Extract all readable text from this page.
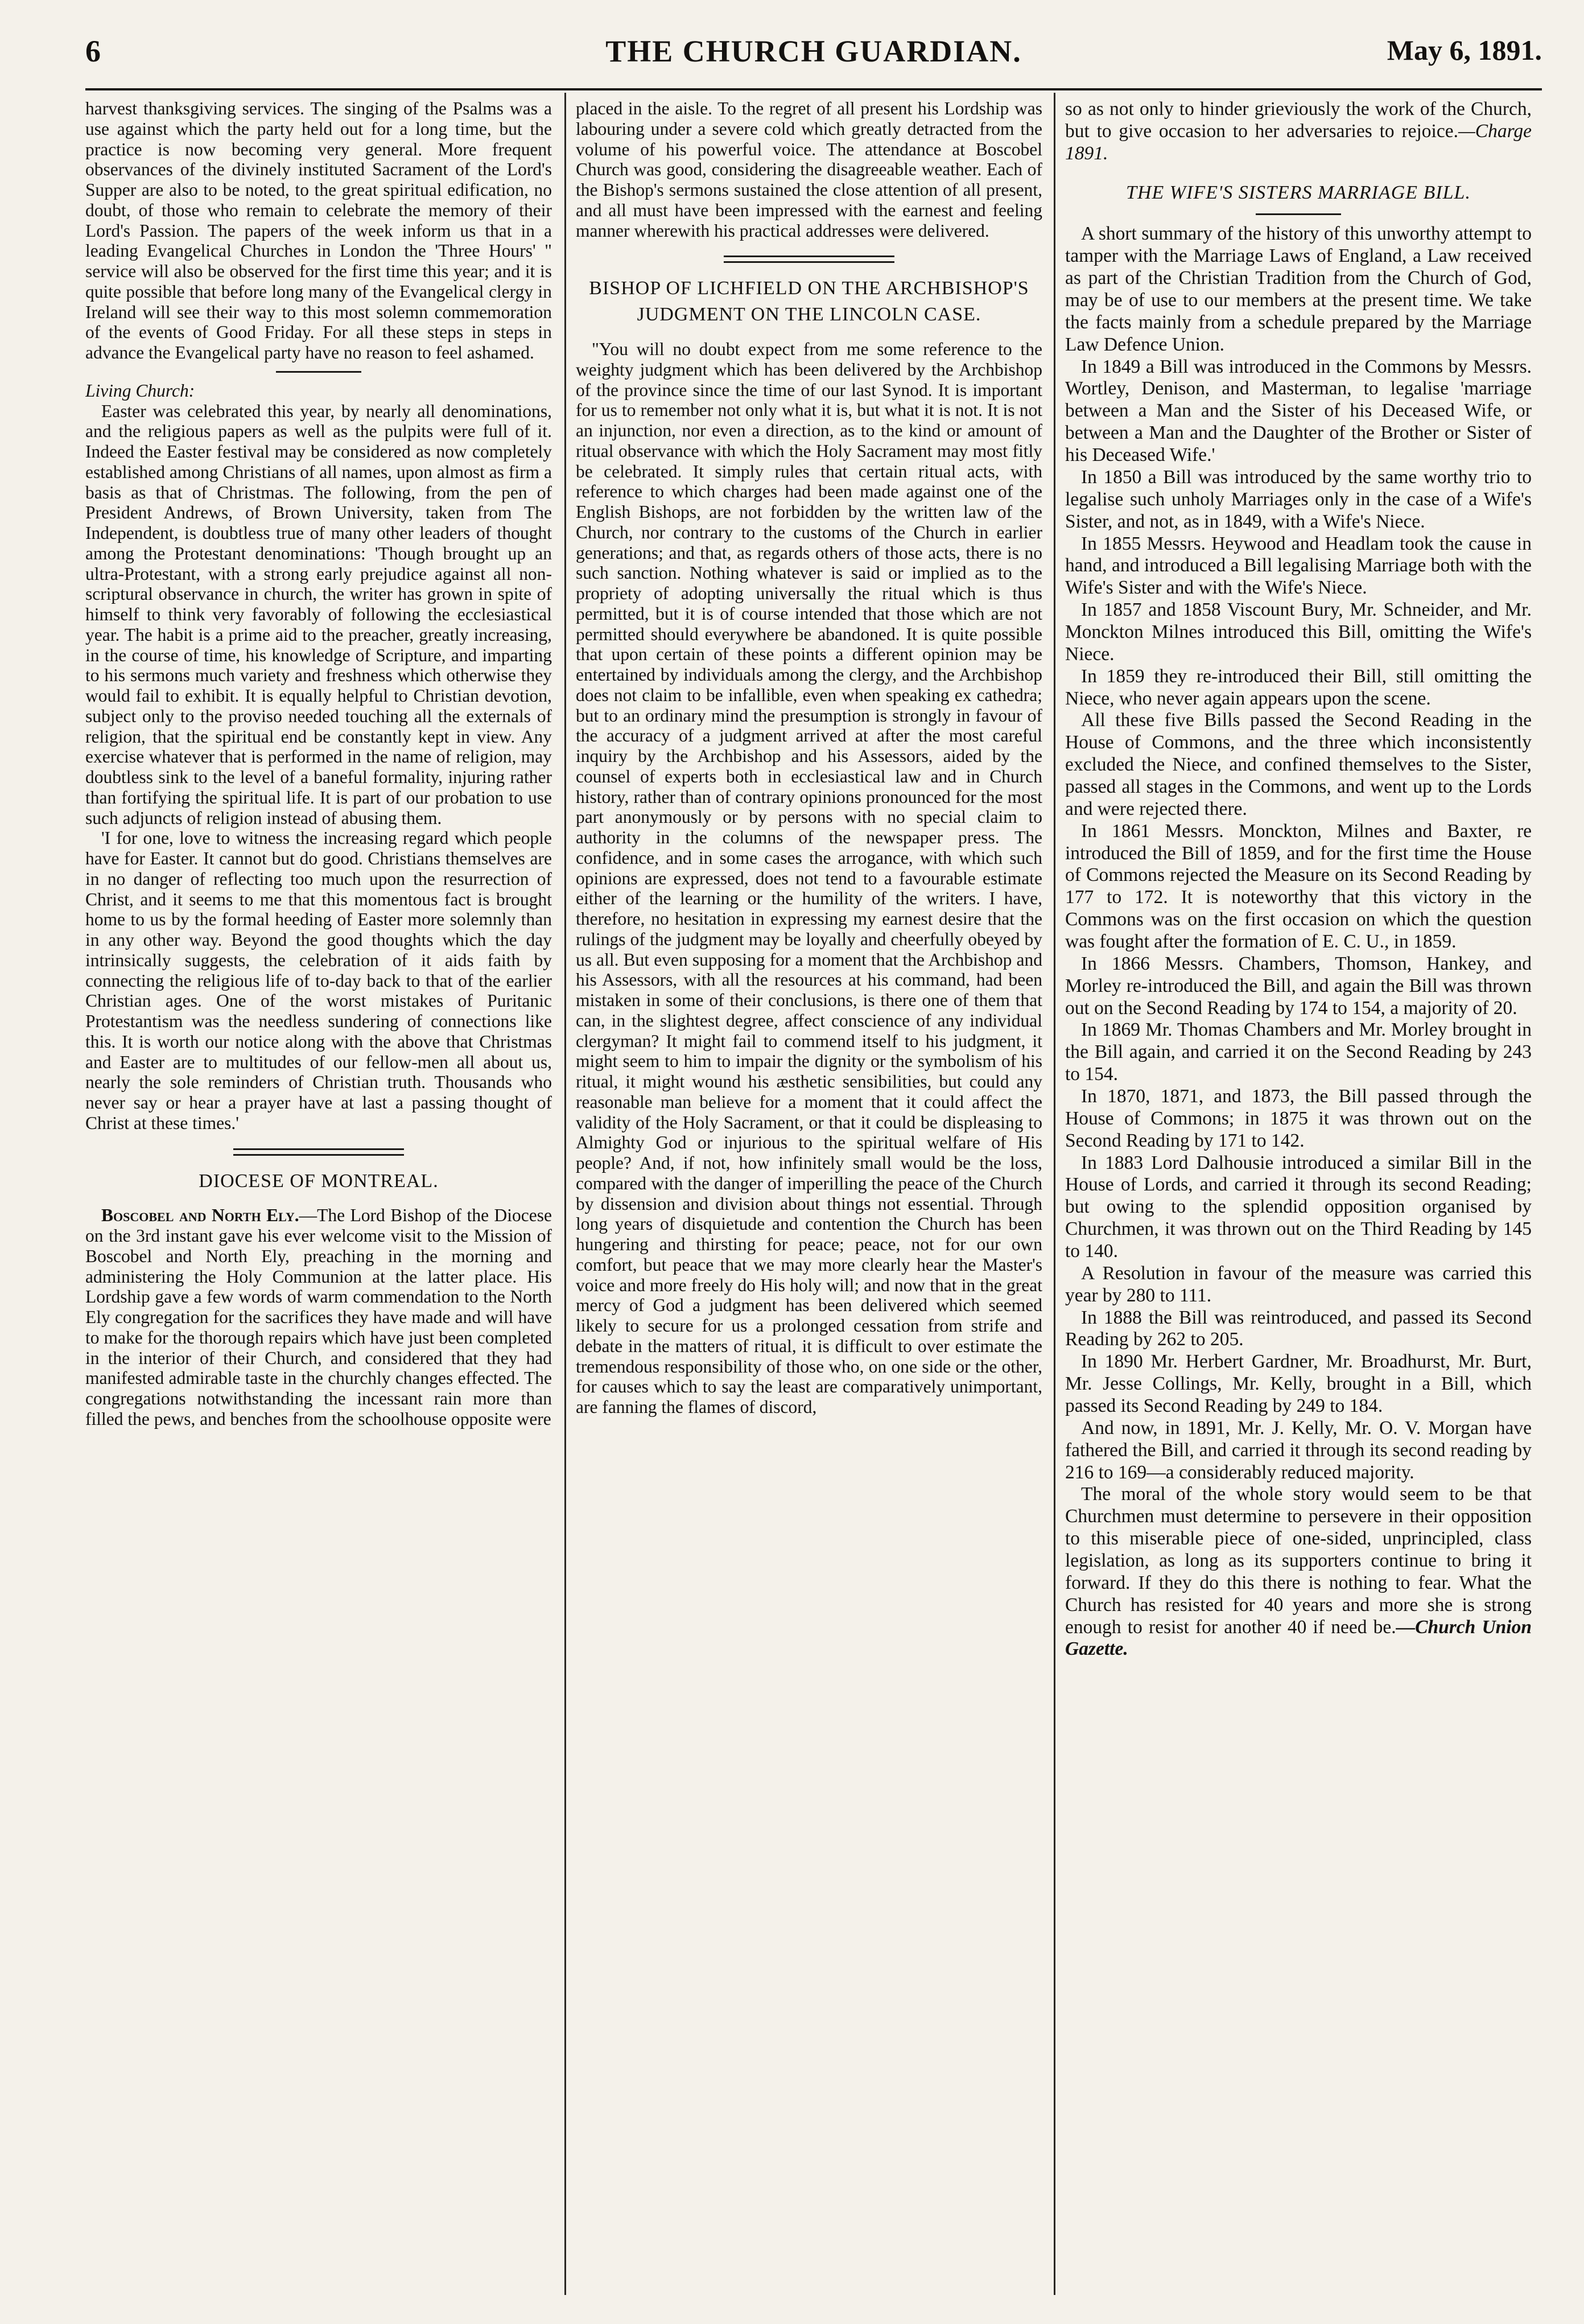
6	THE CHURCH GUARDIAN.	May 6, 1891.

harvest thanksgiving services. The singing of the Psalms was a use against which the party held out for a long time, but the practice is now becoming very general. More frequent observances of the divinely instituted Sacrament of the Lord's Supper are also to be noted, to the great spiritual edification, no doubt, of those who remain to celebrate the memory of their Lord's Passion. The papers of the week inform us that in a leading Evangelical Churches in London the 'Three Hours' " service will also be observed for the first time this year; and it is quite possible that before long many of the Evangelical clergy in Ireland will see their way to this most solemn commemoration of the events of Good Friday. For all these steps in steps in advance the Evangelical party have no reason to feel ashamed.

Living Church:

Easter was celebrated this year, by nearly all denominations, and the religious papers as well as the pulpits were full of it. Indeed the Easter festival may be considered as now completely established among Christians of all names, upon almost as firm a basis as that of Christmas. The following, from the pen of President Andrews, of Brown University, taken from The Independent, is doubtless true of many other leaders of thought among the Protestant denominations: 'Though brought up an ultra-Protestant, with a strong early prejudice against all non-scriptural observance in church, the writer has grown in spite of himself to think very favorably of following the ecclesiastical year. The habit is a prime aid to the preacher, greatly increasing, in the course of time, his knowledge of Scripture, and imparting to his sermons much variety and freshness which otherwise they would fail to exhibit. It is equally helpful to Christian devotion, subject only to the proviso needed touching all the externals of religion, that the spiritual end be constantly kept in view. Any exercise whatever that is performed in the name of religion, may doubtless sink to the level of a baneful formality, injuring rather than fortifying the spiritual life. It is part of our probation to use such adjuncts of religion instead of abusing them.

'I for one, love to witness the increasing regard which people have for Easter. It cannot but do good. Christians themselves are in no danger of reflecting too much upon the resurrection of Christ, and it seems to me that this momentous fact is brought home to us by the formal heeding of Easter more solemnly than in any other way. Beyond the good thoughts which the day intrinsically suggests, the celebration of it aids faith by connecting the religious life of to-day back to that of the earlier Christian ages. One of the worst mistakes of Puritanic Protestantism was the needless sundering of connections like this. It is worth our notice along with the above that Christmas and Easter are to multitudes of our fellow-men all about us, nearly the sole reminders of Christian truth. Thousands who never say or hear a prayer have at last a passing thought of Christ at these times.'

DIOCESE OF MONTREAL.

Boscobel and North Ely.—The Lord Bishop of the Diocese on the 3rd instant gave his ever welcome visit to the Mission of Boscobel and North Ely, preaching in the morning and administering the Holy Communion at the latter place. His Lordship gave a few words of warm commendation to the North Ely congregation for the sacrifices they have made and will have to make for the thorough repairs which have just been completed in the interior of their Church, and considered that they had manifested admirable taste in the churchly changes effected. The congregations notwithstanding the incessant rain more than filled the pews, and benches from the schoolhouse opposite were

placed in the aisle. To the regret of all present his Lordship was labouring under a severe cold which greatly detracted from the volume of his powerful voice. The attendance at Boscobel Church was good, considering the disagreeable weather. Each of the Bishop's sermons sustained the close attention of all present, and all must have been impressed with the earnest and feeling manner wherewith his practical addresses were delivered.

BISHOP OF LICHFIELD ON THE ARCHBISHOP'S JUDGMENT ON THE LINCOLN CASE.

"You will no doubt expect from me some reference to the weighty judgment which has been delivered by the Archbishop of the province since the time of our last Synod. It is important for us to remember not only what it is, but what it is not. It is not an injunction, nor even a direction, as to the kind or amount of ritual observance with which the Holy Sacrament may most fitly be celebrated. It simply rules that certain ritual acts, with reference to which charges had been made against one of the English Bishops, are not forbidden by the written law of the Church, nor contrary to the customs of the Church in earlier generations; and that, as regards others of those acts, there is no such sanction. Nothing whatever is said or implied as to the propriety of adopting universally the ritual which is thus permitted, but it is of course intended that those which are not permitted should everywhere be abandoned. It is quite possible that upon certain of these points a different opinion may be entertained by individuals among the clergy, and the Archbishop does not claim to be infallible, even when speaking ex cathedra; but to an ordinary mind the presumption is strongly in favour of the accuracy of a judgment arrived at after the most careful inquiry by the Archbishop and his Assessors, aided by the counsel of experts both in ecclesiastical law and in Church history, rather than of contrary opinions pronounced for the most part anonymously or by persons with no special claim to authority in the columns of the newspaper press. The confidence, and in some cases the arrogance, with which such opinions are expressed, does not tend to a favourable estimate either of the learning or the humility of the writers. I have, therefore, no hesitation in expressing my earnest desire that the rulings of the judgment may be loyally and cheerfully obeyed by us all. But even supposing for a moment that the Archbishop and his Assessors, with all the resources at his command, had been mistaken in some of their conclusions, is there one of them that can, in the slightest degree, affect conscience of any individual clergyman? It might fail to commend itself to his judgment, it might seem to him to impair the dignity or the symbolism of his ritual, it might wound his æsthetic sensibilities, but could any reasonable man believe for a moment that it could affect the validity of the Holy Sacrament, or that it could be displeasing to Almighty God or injurious to the spiritual welfare of His people? And, if not, how infinitely small would be the loss, compared with the danger of imperilling the peace of the Church by dissension and division about things not essential. Through long years of disquietude and contention the Church has been hungering and thirsting for peace; peace, not for our own comfort, but peace that we may more clearly hear the Master's voice and more freely do His holy will; and now that in the great mercy of God a judgment has been delivered which seemed likely to secure for us a prolonged cessation from strife and debate in the matters of ritual, it is difficult to over estimate the tremendous responsibility of those who, on one side or the other, for causes which to say the least are comparatively unimportant, are fanning the flames of discord,

so as not only to hinder grieviously the work of the Church, but to give occasion to her adversaries to rejoice.—Charge 1891.

THE WIFE'S SISTERS MARRIAGE BILL.

A short summary of the history of this unworthy attempt to tamper with the Marriage Laws of England, a Law received as part of the Christian Tradition from the Church of God, may be of use to our members at the present time. We take the facts mainly from a schedule prepared by the Marriage Law Defence Union.

In 1849 a Bill was introduced in the Commons by Messrs. Wortley, Denison, and Masterman, to legalise 'marriage between a Man and the Sister of his Deceased Wife, or between a Man and the Daughter of the Brother or Sister of his Deceased Wife.'

In 1850 a Bill was introduced by the same worthy trio to legalise such unholy Marriages only in the case of a Wife's Sister, and not, as in 1849, with a Wife's Niece.

In 1855 Messrs. Heywood and Headlam took the cause in hand, and introduced a Bill legalising Marriage both with the Wife's Sister and with the Wife's Niece.

In 1857 and 1858 Viscount Bury, Mr. Schneider, and Mr. Monckton Milnes introduced this Bill, omitting the Wife's Niece.

In 1859 they re-introduced their Bill, still omitting the Niece, who never again appears upon the scene.

All these five Bills passed the Second Reading in the House of Commons, and the three which inconsistently excluded the Niece, and confined themselves to the Sister, passed all stages in the Commons, and went up to the Lords and were rejected there.

In 1861 Messrs. Monckton, Milnes and Baxter, re introduced the Bill of 1859, and for the first time the House of Commons rejected the Measure on its Second Reading by 177 to 172. It is noteworthy that this victory in the Commons was on the first occasion on which the question was fought after the formation of E. C. U., in 1859.

In 1866 Messrs. Chambers, Thomson, Hankey, and Morley re-introduced the Bill, and again the Bill was thrown out on the Second Reading by 174 to 154, a majority of 20.

In 1869 Mr. Thomas Chambers and Mr. Morley brought in the Bill again, and carried it on the Second Reading by 243 to 154.

In 1870, 1871, and 1873, the Bill passed through the House of Commons; in 1875 it was thrown out on the Second Reading by 171 to 142.

In 1883 Lord Dalhousie introduced a similar Bill in the House of Lords, and carried it through its second Reading; but owing to the splendid opposition organised by Churchmen, it was thrown out on the Third Reading by 145 to 140.

A Resolution in favour of the measure was carried this year by 280 to 111.

In 1888 the Bill was reintroduced, and passed its Second Reading by 262 to 205.

In 1890 Mr. Herbert Gardner, Mr. Broadhurst, Mr. Burt, Mr. Jesse Collings, Mr. Kelly, brought in a Bill, which passed its Second Reading by 249 to 184.

And now, in 1891, Mr. J. Kelly, Mr. O. V. Morgan have fathered the Bill, and carried it through its second reading by 216 to 169—a considerably reduced majority.

The moral of the whole story would seem to be that Churchmen must determine to persevere in their opposition to this miserable piece of one-sided, unprincipled, class legislation, as long as its supporters continue to bring it forward. If they do this there is nothing to fear. What the Church has resisted for 40 years and more she is strong enough to resist for another 40 if need be.—Church Union Gazette.
